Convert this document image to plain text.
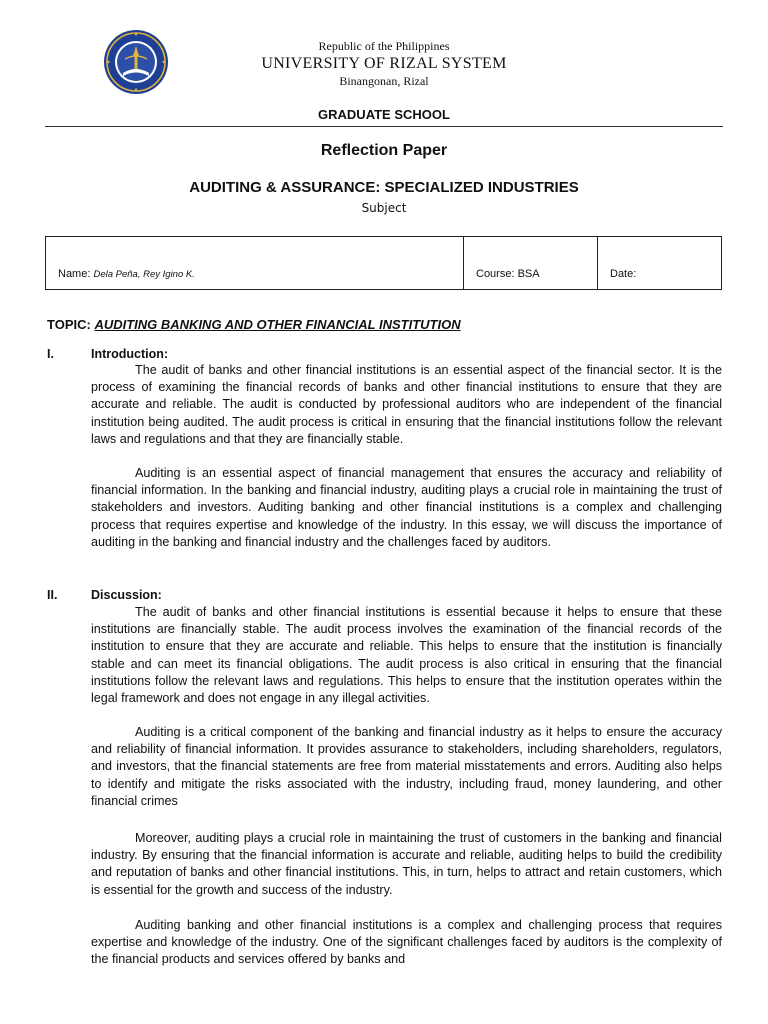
Republic of the Philippines
UNIVERSITY OF RIZAL SYSTEM
Binangonan, Rizal
GRADUATE SCHOOL
Reflection Paper
AUDITING & ASSURANCE: SPECIALIZED INDUSTRIES
Subject
Name: Dela Peña, Rey Igino K.	Course: BSA	Date:
TOPIC: AUDITING BANKING AND OTHER FINANCIAL INSTITUTION
I.	Introduction:

The audit of banks and other financial institutions is an essential aspect of the financial sector. It is the process of examining the financial records of banks and other financial institutions to ensure that they are accurate and reliable. The audit is conducted by professional auditors who are independent of the financial institution being audited. The audit process is critical in ensuring that the financial institutions follow the relevant laws and regulations and that they are financially stable.

Auditing is an essential aspect of financial management that ensures the accuracy and reliability of financial information. In the banking and financial industry, auditing plays a crucial role in maintaining the trust of stakeholders and investors. Auditing banking and other financial institutions is a complex and challenging process that requires expertise and knowledge of the industry. In this essay, we will discuss the importance of auditing in the banking and financial industry and the challenges faced by auditors.

II.	Discussion:

The audit of banks and other financial institutions is essential because it helps to ensure that these institutions are financially stable. The audit process involves the examination of the financial records of the institution to ensure that they are accurate and reliable. This helps to ensure that the institution is financially stable and can meet its financial obligations. The audit process is also critical in ensuring that the financial institutions follow the relevant laws and regulations. This helps to ensure that the institution operates within the legal framework and does not engage in any illegal activities.

Auditing is a critical component of the banking and financial industry as it helps to ensure the accuracy and reliability of financial information. It provides assurance to stakeholders, including shareholders, regulators, and investors, that the financial statements are free from material misstatements and errors. Auditing also helps to identify and mitigate the risks associated with the industry, including fraud, money laundering, and other financial crimes

Moreover, auditing plays a crucial role in maintaining the trust of customers in the banking and financial industry. By ensuring that the financial information is accurate and reliable, auditing helps to build the credibility and reputation of banks and other financial institutions. This, in turn, helps to attract and retain customers, which is essential for the growth and success of the industry.

Auditing banking and other financial institutions is a complex and challenging process that requires expertise and knowledge of the industry. One of the significant challenges faced by auditors is the complexity of the financial products and services offered by banks and
